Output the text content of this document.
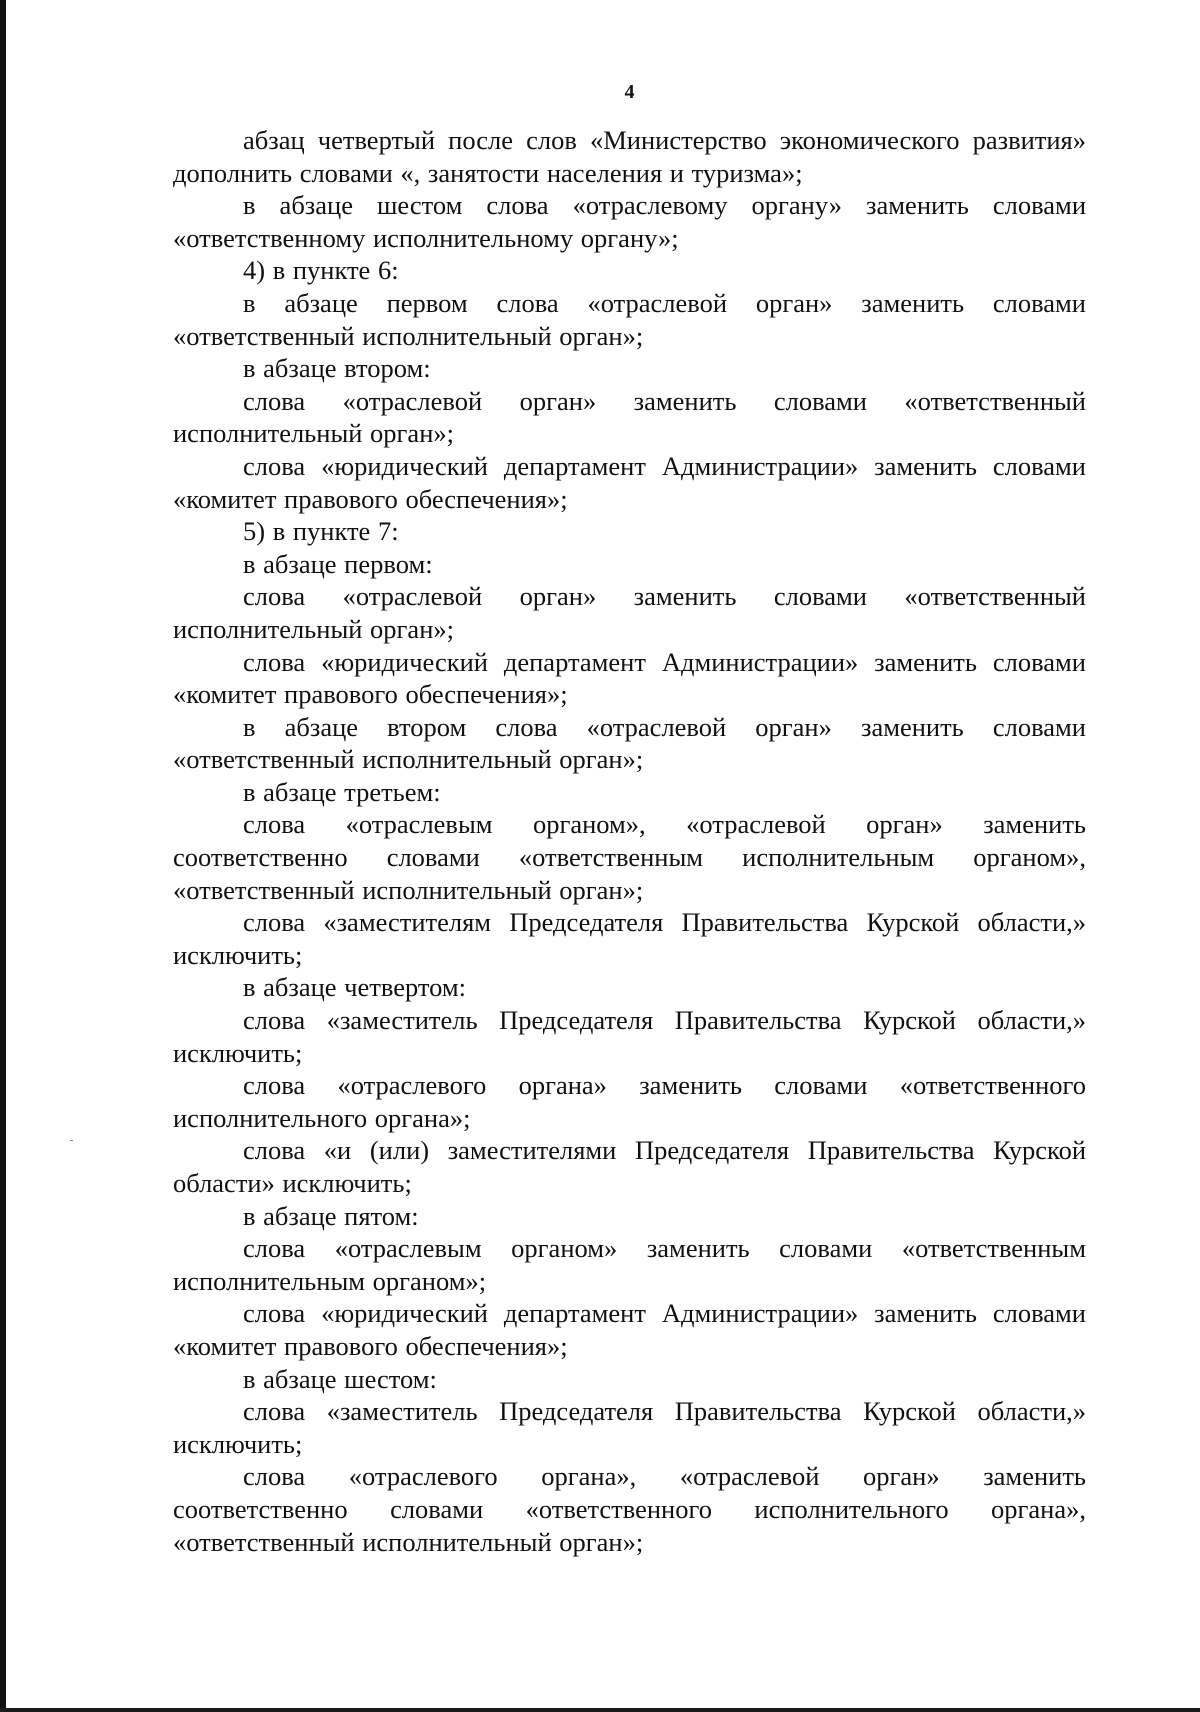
4

абзац четвертый после слов «Министерство экономического развития» дополнить словами «, занятости населения и туризма»;

в абзаце шестом слова «отраслевому органу» заменить словами «ответственному исполнительному органу»;

4) в пункте 6:

в абзаце первом слова «отраслевой орган» заменить словами «ответственный исполнительный орган»;

в абзаце втором:

слова «отраслевой орган» заменить словами «ответственный исполнительный орган»;

слова «юридический департамент Администрации» заменить словами «комитет правового обеспечения»;

5) в пункте 7:

в абзаце первом:

слова «отраслевой орган» заменить словами «ответственный исполнительный орган»;

слова «юридический департамент Администрации» заменить словами «комитет правового обеспечения»;

в абзаце втором слова «отраслевой орган» заменить словами «ответственный исполнительный орган»;

в абзаце третьем:

слова «отраслевым органом», «отраслевой орган» заменить соответственно словами «ответственным исполнительным органом», «ответственный исполнительный орган»;

слова «заместителям Председателя Правительства Курской области,» исключить;

в абзаце четвертом:

слова «заместитель Председателя Правительства Курской области,» исключить;

слова «отраслевого органа» заменить словами «ответственного исполнительного органа»;

слова «и (или) заместителями Председателя Правительства Курской области» исключить;

в абзаце пятом:

слова «отраслевым органом» заменить словами «ответственным исполнительным органом»;

слова «юридический департамент Администрации» заменить словами «комитет правового обеспечения»;

в абзаце шестом:

слова «заместитель Председателя Правительства Курской области,» исключить;

слова «отраслевого органа», «отраслевой орган» заменить соответственно словами «ответственного исполнительного органа», «ответственный исполнительный орган»;
